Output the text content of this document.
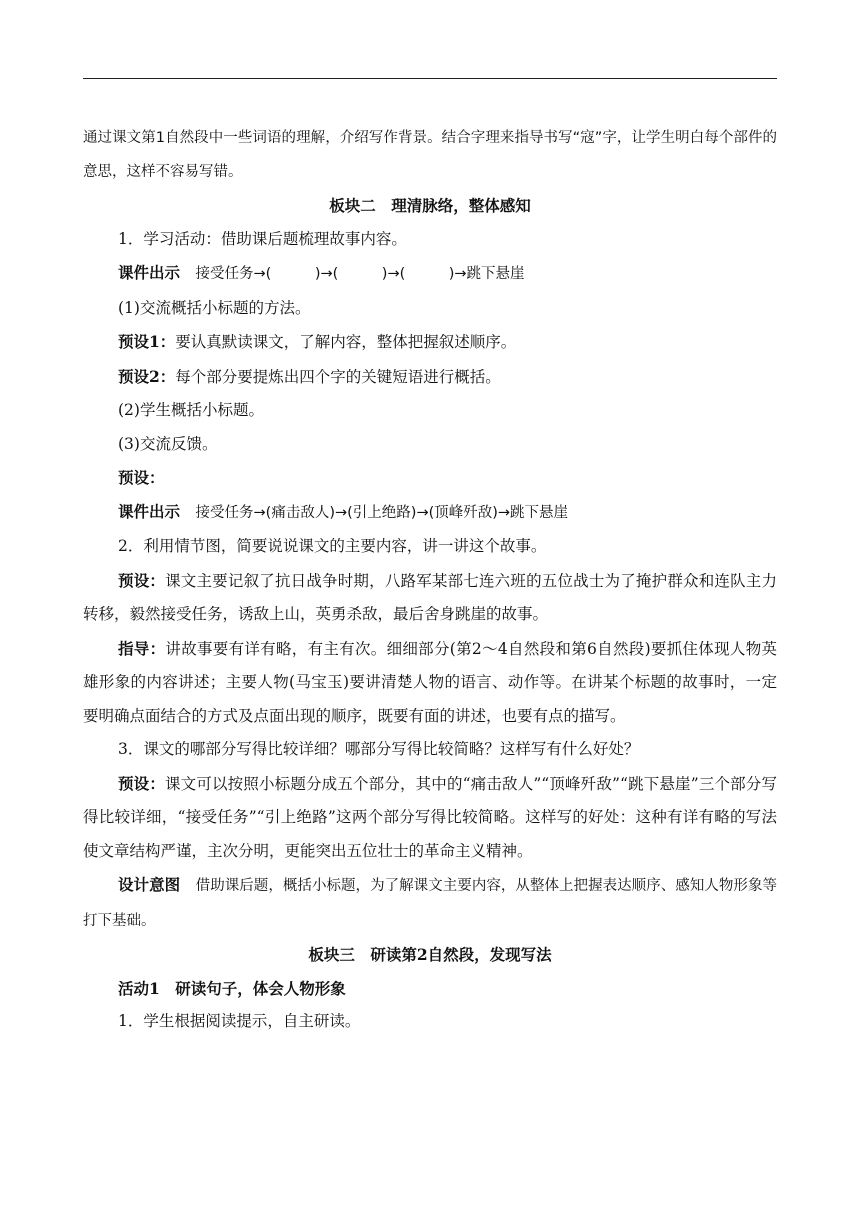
通过课文第1自然段中一些词语的理解，介绍写作背景。结合字理来指导书写“寇”字，让学生明白每个部件的意思，这样不容易写错。

板块二　理清脉络，整体感知

1．学习活动：借助课后题梳理故事内容。

课件出示  接受任务→(　　　)→(　　　)→(　　　)→跳下悬崖

(1)交流概括小标题的方法。

预设1：要认真默读课文，了解内容，整体把握叙述顺序。

预设2：每个部分要提炼出四个字的关键短语进行概括。

(2)学生概括小标题。

(3)交流反馈。

预设：

课件出示  接受任务→(痛击敌人)→(引上绝路)→(顶峰歼敌)→跳下悬崖

2．利用情节图，简要说说课文的主要内容，讲一讲这个故事。

预设：课文主要记叙了抗日战争时期，八路军某部七连六班的五位战士为了掩护群众和连队主力转移，毅然接受任务，诱敌上山，英勇杀敌，最后舍身跳崖的故事。

指导：讲故事要有详有略，有主有次。细细部分(第2～4自然段和第6自然段)要抓住体现人物英雄形象的内容讲述；主要人物(马宝玉)要讲清楚人物的语言、动作等。在讲某个标题的故事时，一定要明确点面结合的方式及点面出现的顺序，既要有面的讲述，也要有点的描写。

3．课文的哪部分写得比较详细？哪部分写得比较简略？这样写有什么好处？

预设：课文可以按照小标题分成五个部分，其中的“痛击敌人”“顶峰歼敌”“跳下悬崖”三个部分写得比较详细，“接受任务”“引上绝路”这两个部分写得比较简略。这样写的好处：这种有详有略的写法使文章结构严谨，主次分明，更能突出五位壮士的革命主义精神。

设计意图  借助课后题，概括小标题，为了解课文主要内容，从整体上把握表达顺序、感知人物形象等打下基础。

板块三　研读第2自然段，发现写法

活动1  研读句子，体会人物形象

1．学生根据阅读提示，自主研读。
